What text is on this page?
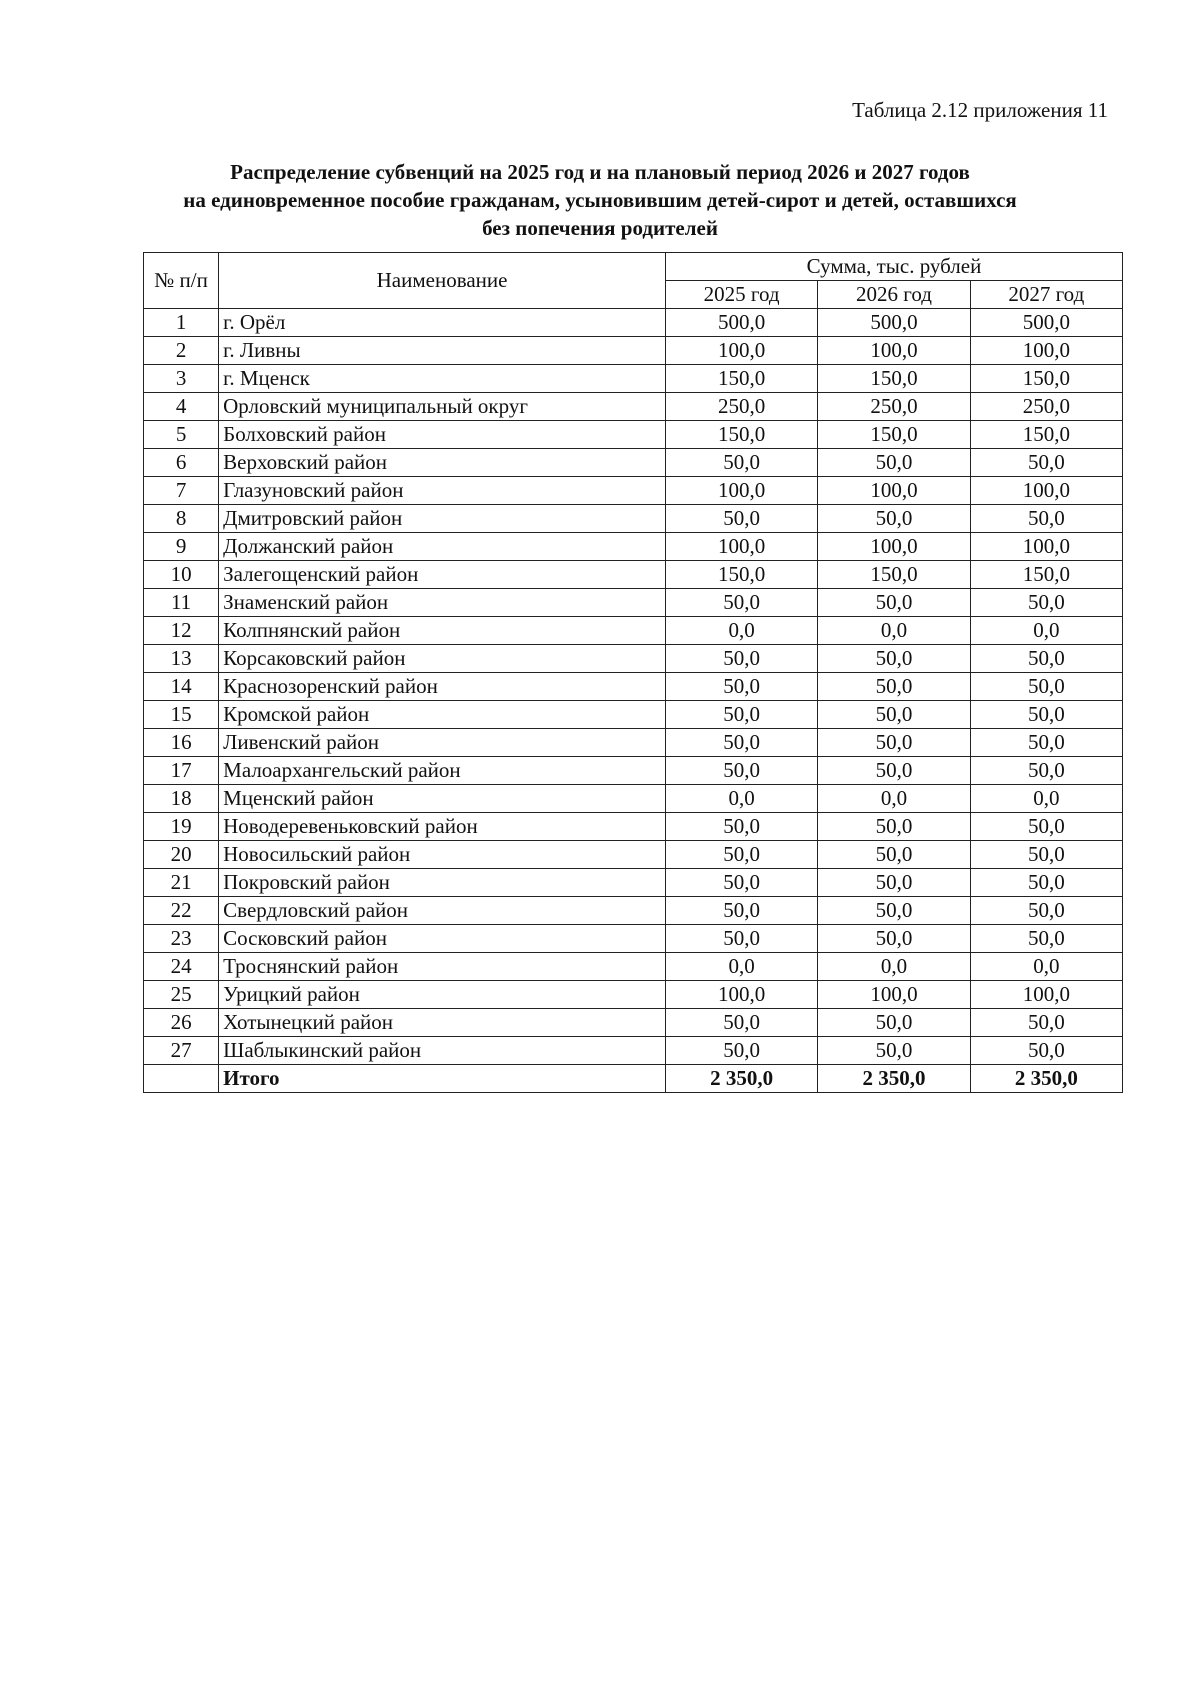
Таблица 2.12 приложения 11
Распределение субвенций на 2025 год и на плановый период 2026 и 2027 годов
на единовременное пособие гражданам, усыновившим детей-сирот и детей, оставшихся
без попечения родителей
№ п/п	Наименование	Сумма, тыс. рублей		
		2025 год	2026 год	2027 год
1	г. Орёл	500,0	500,0	500,0
2	г. Ливны	100,0	100,0	100,0
3	г. Мценск	150,0	150,0	150,0
4	Орловский муниципальный округ	250,0	250,0	250,0
5	Болховский район	150,0	150,0	150,0
6	Верховский район	50,0	50,0	50,0
7	Глазуновский район	100,0	100,0	100,0
8	Дмитровский район	50,0	50,0	50,0
9	Должанский район	100,0	100,0	100,0
10	Залегощенский район	150,0	150,0	150,0
11	Знаменский район	50,0	50,0	50,0
12	Колпнянский район	0,0	0,0	0,0
13	Корсаковский район	50,0	50,0	50,0
14	Краснозоренский район	50,0	50,0	50,0
15	Кромской район	50,0	50,0	50,0
16	Ливенский район	50,0	50,0	50,0
17	Малоархангельский район	50,0	50,0	50,0
18	Мценский район	0,0	0,0	0,0
19	Новодеревеньковский район	50,0	50,0	50,0
20	Новосильский район	50,0	50,0	50,0
21	Покровский район	50,0	50,0	50,0
22	Свердловский район	50,0	50,0	50,0
23	Сосковский район	50,0	50,0	50,0
24	Троснянский район	0,0	0,0	0,0
25	Урицкий район	100,0	100,0	100,0
26	Хотынецкий район	50,0	50,0	50,0
27	Шаблыкинский район	50,0	50,0	50,0
	Итого	2 350,0	2 350,0	2 350,0
